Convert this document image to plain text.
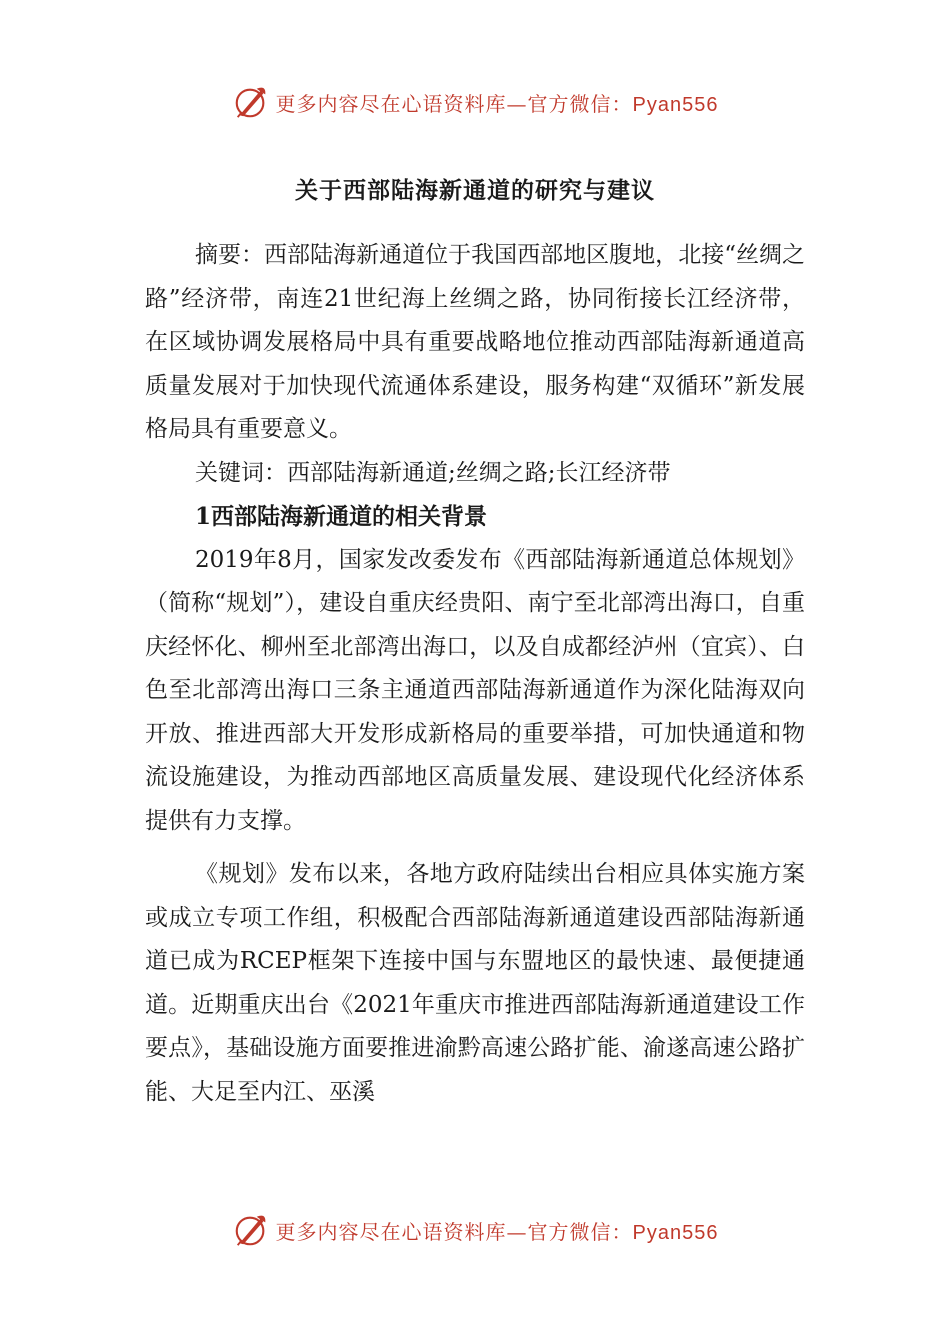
更多内容尽在心语资料库—官方微信：Pyan556
关于西部陆海新通道的研究与建议

摘要：西部陆海新通道位于我国西部地区腹地，北接“丝绸之路”经济带，南连21世纪海上丝绸之路，协同衔接长江经济带，在区域协调发展格局中具有重要战略地位推动西部陆海新通道高质量发展对于加快现代流通体系建设，服务构建“双循环”新发展格局具有重要意义。

关键词：西部陆海新通道;丝绸之路;长江经济带

1西部陆海新通道的相关背景

2019年8月，国家发改委发布《西部陆海新通道总体规划》（简称“规划”），建设自重庆经贵阳、南宁至北部湾出海口，自重庆经怀化、柳州至北部湾出海口，以及自成都经泸州（宜宾）、白色至北部湾出海口三条主通道西部陆海新通道作为深化陆海双向开放、推进西部大开发形成新格局的重要举措，可加快通道和物流设施建设，为推动西部地区高质量发展、建设现代化经济体系提供有力支撑。

《规划》发布以来，各地方政府陆续出台相应具体实施方案或成立专项工作组，积极配合西部陆海新通道建设西部陆海新通道已成为RCEP框架下连接中国与东盟地区的最快速、最便捷通道。近期重庆出台《2021年重庆市推进西部陆海新通道建设工作要点》，基础设施方面要推进渝黔高速公路扩能、渝遂高速公路扩能、大足至内江、巫溪

更多内容尽在心语资料库—官方微信：Pyan556
